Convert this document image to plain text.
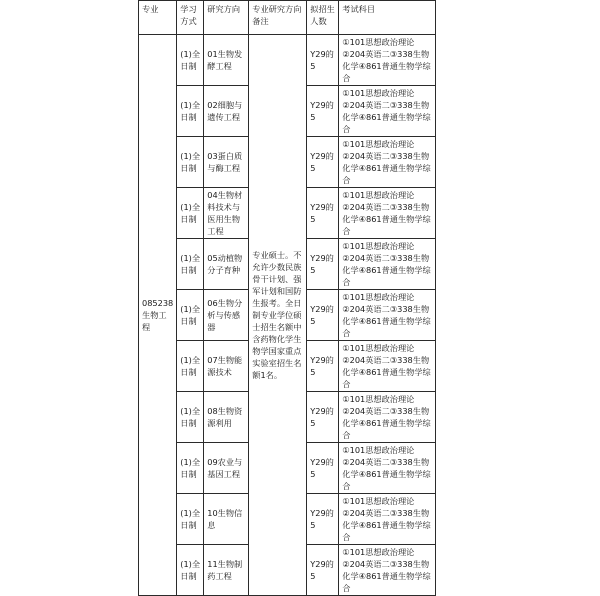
专业	学习方式	研究方向	专业研究方向备注	拟招生人数	考试科目
085238生物工程	(1)全日制	01生物发酵工程	专业硕士。不允许少数民族骨干计划、强军计划和国防生报考。全日制专业学位硕士招生名额中含药物化学生物学国家重点实验室招生名额1名。	Y29的5	①101思想政治理论②204英语二③338生物化学④861普通生物学综合
	(1)全日制	02细胞与遗传工程		Y29的5	①101思想政治理论②204英语二③338生物化学④861普通生物学综合
	(1)全日制	03蛋白质与酶工程		Y29的5	①101思想政治理论②204英语二③338生物化学④861普通生物学综合
	(1)全日制	04生物材料技术与医用生物工程		Y29的5	①101思想政治理论②204英语二③338生物化学④861普通生物学综合
	(1)全日制	05动植物分子育种		Y29的5	①101思想政治理论②204英语二③338生物化学④861普通生物学综合
	(1)全日制	06生物分析与传感器		Y29的5	①101思想政治理论②204英语二③338生物化学④861普通生物学综合
	(1)全日制	07生物能源技术		Y29的5	①101思想政治理论②204英语二③338生物化学④861普通生物学综合
	(1)全日制	08生物资源利用		Y29的5	①101思想政治理论②204英语二③338生物化学④861普通生物学综合
	(1)全日制	09农业与基因工程		Y29的5	①101思想政治理论②204英语二③338生物化学④861普通生物学综合
	(1)全日制	10生物信息		Y29的5	①101思想政治理论②204英语二③338生物化学④861普通生物学综合
	(1)全日制	11生物制药工程		Y29的5	①101思想政治理论②204英语二③338生物化学④861普通生物学综合
